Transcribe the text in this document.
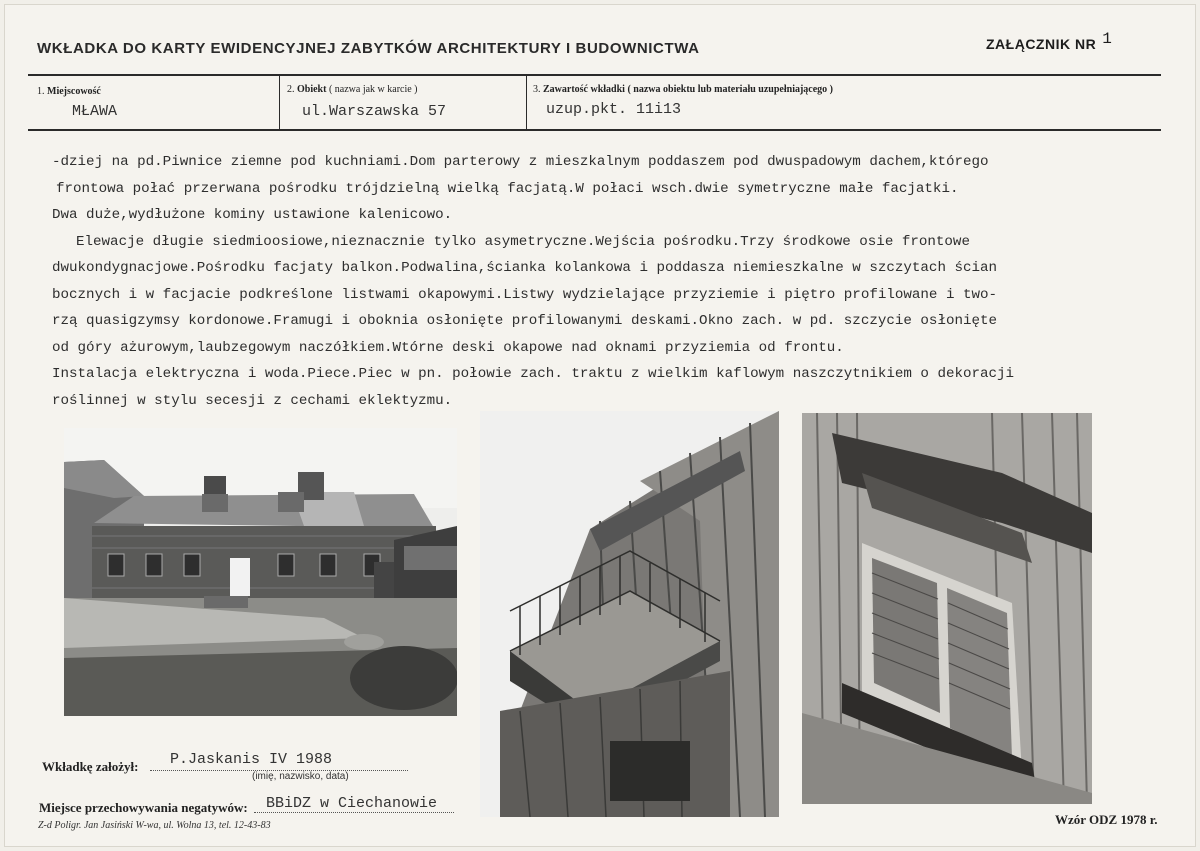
WKŁADKA DO KARTY EWIDENCYJNEJ ZABYTKÓW ARCHITEKTURY I BUDOWNICTWA	ZAŁĄCZNIK NR 1
1. Miejscowość
MŁAWA
2. Obiekt ( nazwa jak w karcie )
ul.Warszawska 57
3. Zawartość wkładki ( nazwa obiektu lub materiału uzupełniającego )
uzup.pkt. 11i13
-dziej na pd.Piwnice ziemne pod kuchniami.Dom parterowy z mieszkalnym poddaszem pod dwuspadowym dachem,którego
frontowa połać przerwana pośrodku trójdzielną wielką facjatą.W połaci wsch.dwie symetryczne małe facjatki.
Dwa duże,wydłużone kominy ustawione kalenicowo.
Elewacje długie siedmioosiowe,nieznacznie tylko asymetryczne.Wejścia pośrodku.Trzy środkowe osie frontowe
dwukondygnacjowe.Pośrodku facjaty balkon.Podwalina,ścianka kolankowa i poddasza niemieszkalne w szczytach ścian
bocznych i w facjacie podkreślone listwami okapowymi.Listwy wydzielające przyziemie i piętro profilowane i two-
rzą quasigzymsy kordonowe.Framugi i obokniа osłonięte profilowanymi deskami.Okno zach. w pd. szczycie osłonięte
od góry ażurowym,laubzegowym naczółkiem.Wtórne deski okapowe nad oknami przyziemia od frontu.
Instalacja elektryczna i woda.Piece.Piec w pn. połowie zach. traktu z wielkim kaflowym naszczytnikiem o dekoracji
roślinnej w stylu secesji z cechami eklektyzmu.
Wkładkę założył: P.Jaskanis IV 1988
(imię, nazwisko, data)
Miejsce przechowywania negatywów: BBiDZ w Ciechanowie
Z-d Poligr. Jan Jasiński W-wa, ul. Wolna 13, tel. 12-43-83	Wzór ODZ 1978 r.
